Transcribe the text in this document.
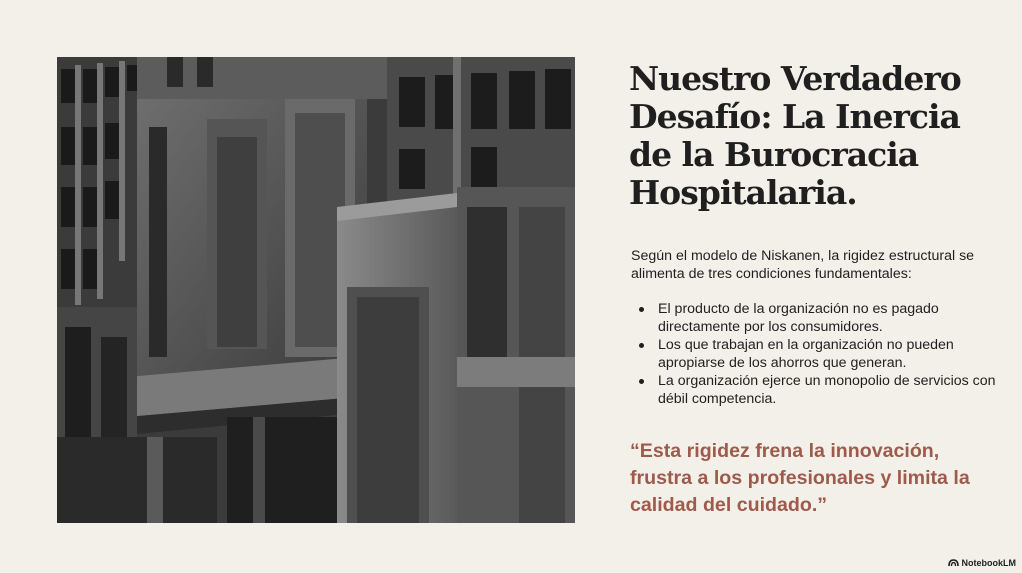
Nuestro Verdadero Desafío: La Inercia de la Burocracia Hospitalaria.

Según el modelo de Niskanen, la rigidez estructural se alimenta de tres condiciones fundamentales:

El producto de la organización no es pagado directamente por los consumidores.
Los que trabajan en la organización no pueden apropiarse de los ahorros que generan.
La organización ejerce un monopolio de servicios con débil competencia.

“Esta rigidez frena la innovación, frustra a los profesionales y limita la calidad del cuidado.”

NotebookLM
